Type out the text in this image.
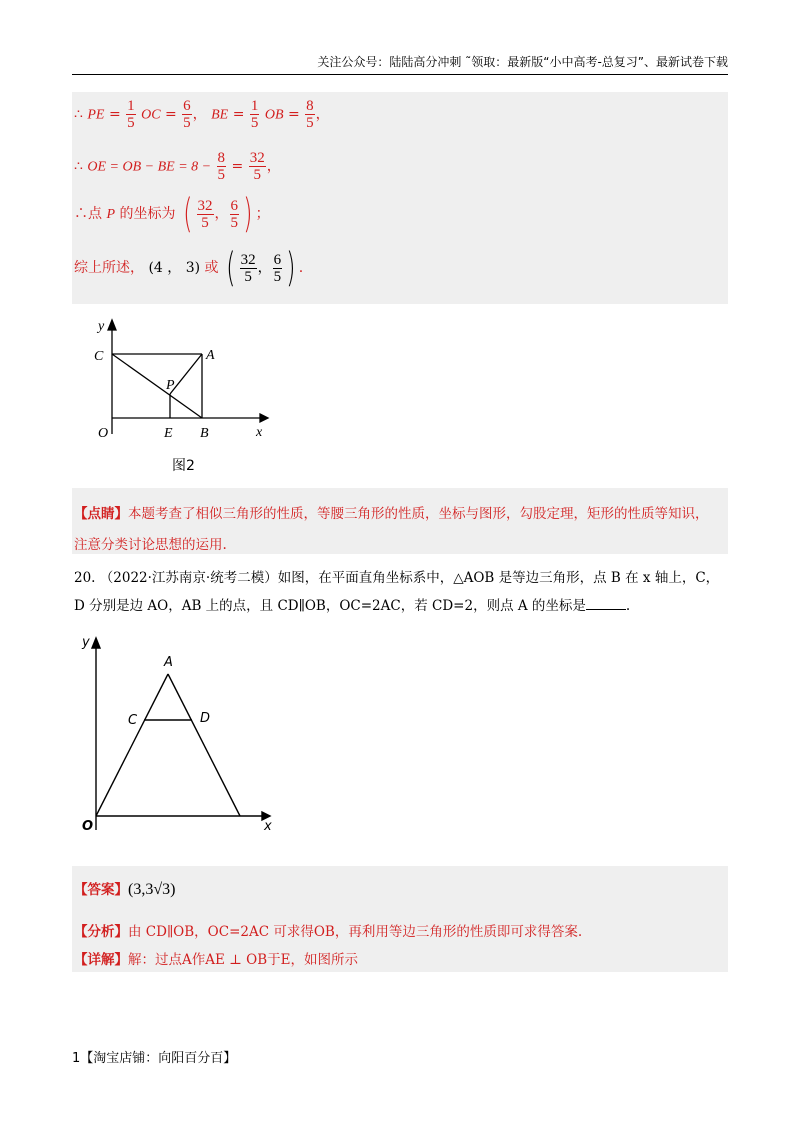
关注公众号：陆陆高分冲刺 ˜领取：最新版“小中高考-总复习”、最新试卷下载
∴ PE = $\frac{1}{5}$ OC = $\frac{6}{5}$ ， BE = $\frac{1}{5}$ OB = $\frac{8}{5}$ ，
∴ OE = OB − BE = $8 - \frac{8}{5} = \frac{32}{5}$ ，
∴点 P 的坐标为 ( $\frac{32}{5}$ ， $\frac{6}{5}$ ) ；
综上所述， (4 ， 3) 或 ( $\frac{32}{5}$ ， $\frac{6}{5}$ ) .
y
x
C	A
P
O	E B
图2
【点睛】本题考查了相似三角形的性质，等腰三角形的性质，坐标与图形，勾股定理，矩形的性质等知识，
注意分类讨论思想的运用.
20. （2022·江苏南京·统考二模）如图，在平面直角坐标系中，△AOB 是等边三角形，点 B 在 x 轴上，C，
D 分别是边 AO，AB 上的点，且 CD∥OB，OC=2AC，若 CD=2，则点 A 的坐标是	.
y
A
C	D
O	x
【答案】(3,3√3)
【分析】由 CD∥OB，OC=2AC 可求得OB，再利用等边三角形的性质即可求得答案.
【详解】解：过点A作AE ⊥ OB于E，如图所示
1【淘宝店铺：向阳百分百】
